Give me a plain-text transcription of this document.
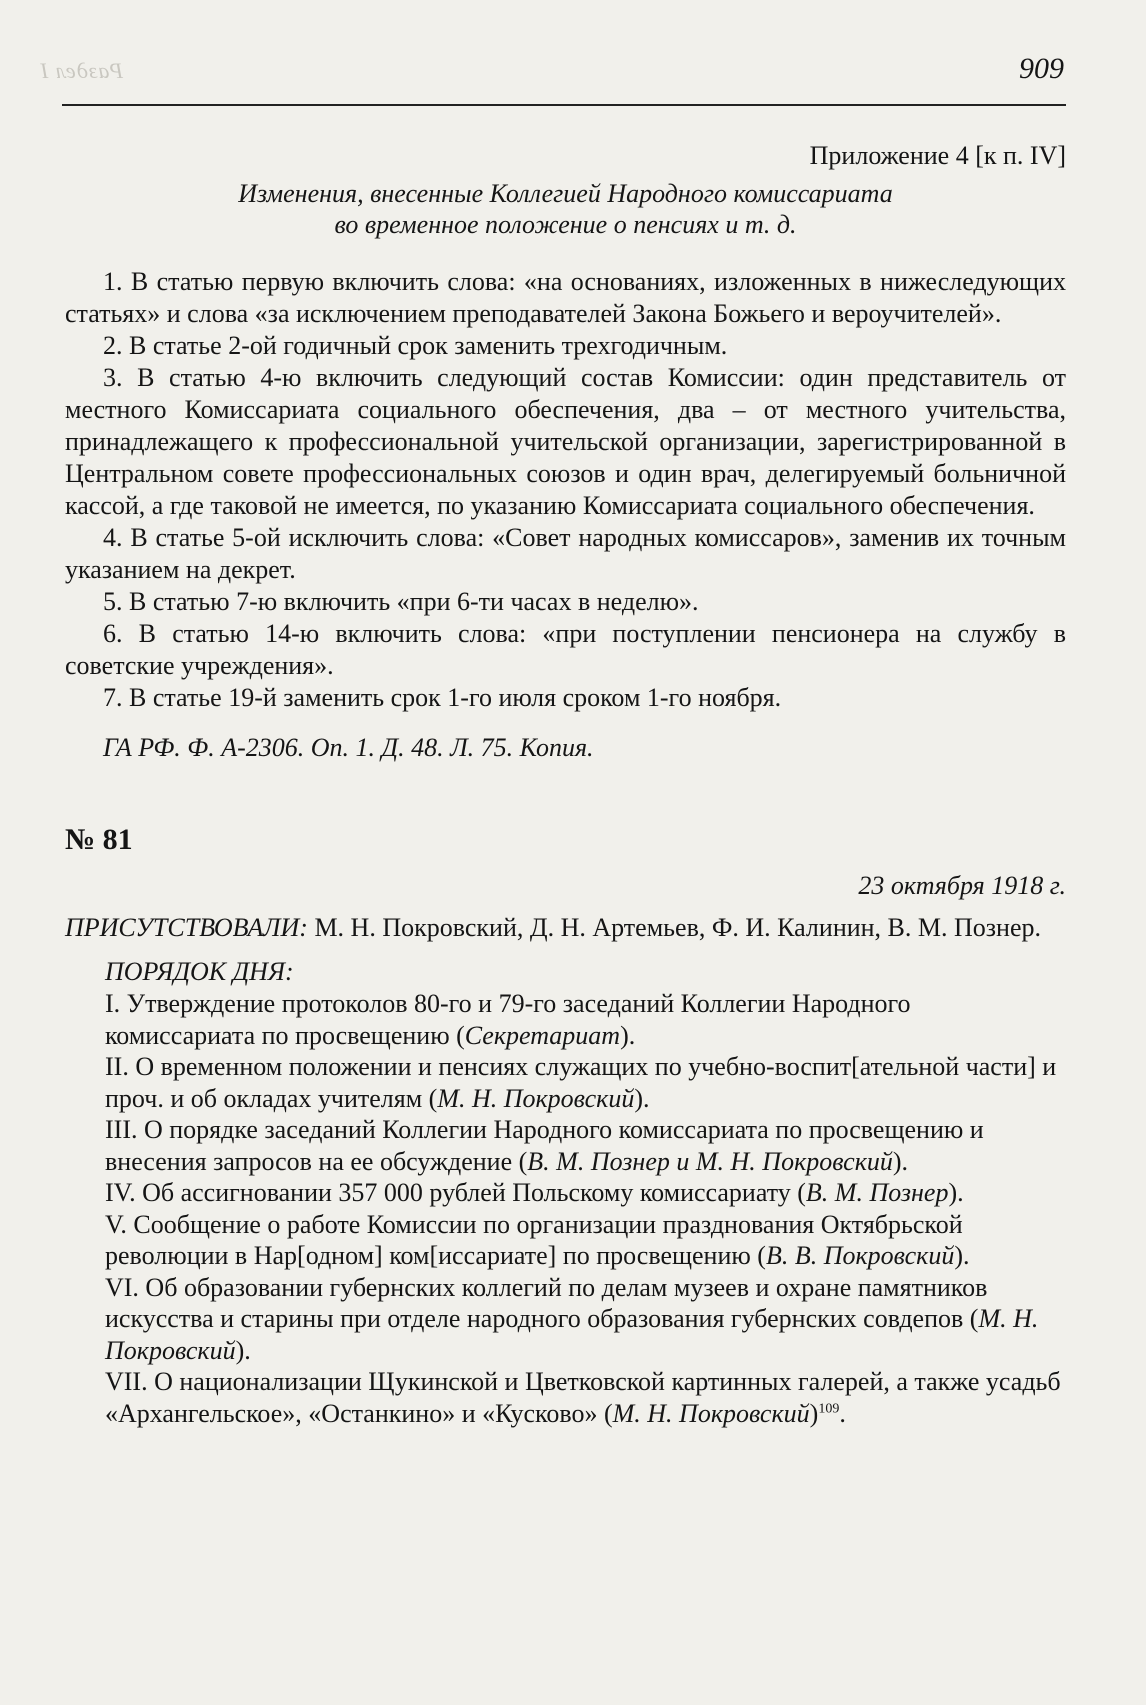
Раздел I	909
Приложение 4 [к п. IV]
Изменения, внесенные Коллегией Народного комиссариата
во временное положение о пенсиях и т. д.

1. В статью первую включить слова: «на основаниях, изложенных в нижеследующих статьях» и слова «за исключением преподавателей Закона Божьего и вероучителей».

2. В статье 2-ой годичный срок заменить трехгодичным.

3. В статью 4-ю включить следующий состав Комиссии: один представитель от местного Комиссариата социального обеспечения, два – от местного учительства, принадлежащего к профессиональной учительской организации, зарегистрированной в Центральном совете профессиональных союзов и один врач, делегируемый больничной кассой, а где таковой не имеется, по указанию Комиссариата социального обеспечения.

4. В статье 5-ой исключить слова: «Совет народных комиссаров», заменив их точным указанием на декрет.

5. В статью 7-ю включить «при 6-ти часах в неделю».

6. В статью 14-ю включить слова: «при поступлении пенсионера на службу в советские учреждения».

7. В статье 19-й заменить срок 1-го июля сроком 1-го ноября.

ГА РФ. Ф. А-2306. Оп. 1. Д. 48. Л. 75. Копия.
№ 81
23 октября 1918 г.
ПРИСУТСТВОВАЛИ: М. Н. Покровский, Д. Н. Артемьев, Ф. И. Калинин, В. М. Познер.
ПОРЯДОК ДНЯ:

I. Утверждение протоколов 80-го и 79-го заседаний Коллегии Народного комиссариата по просвещению (Секретариат).

II. О временном положении и пенсиях служащих по учебно-воспит[ательной части] и проч. и об окладах учителям (М. Н. Покровский).

III. О порядке заседаний Коллегии Народного комиссариата по просвещению и внесения запросов на ее обсуждение (В. М. Познер и М. Н. Покровский).

IV. Об ассигновании 357 000 рублей Польскому комиссариату (В. М. Познер).

V. Сообщение о работе Комиссии по организации празднования Октябрьской революции в Нар[одном] ком[иссариате] по просвещению (В. В. Покровский).

VI. Об образовании губернских коллегий по делам музеев и охране памятников искусства и старины при отделе народного образования губернских совдепов (М. Н. Покровский).

VII. О национализации Щукинской и Цветковской картинных галерей, а также усадьб «Архангельское», «Останкино» и «Кусково» (М. Н. Покровский)$^{109}$.
